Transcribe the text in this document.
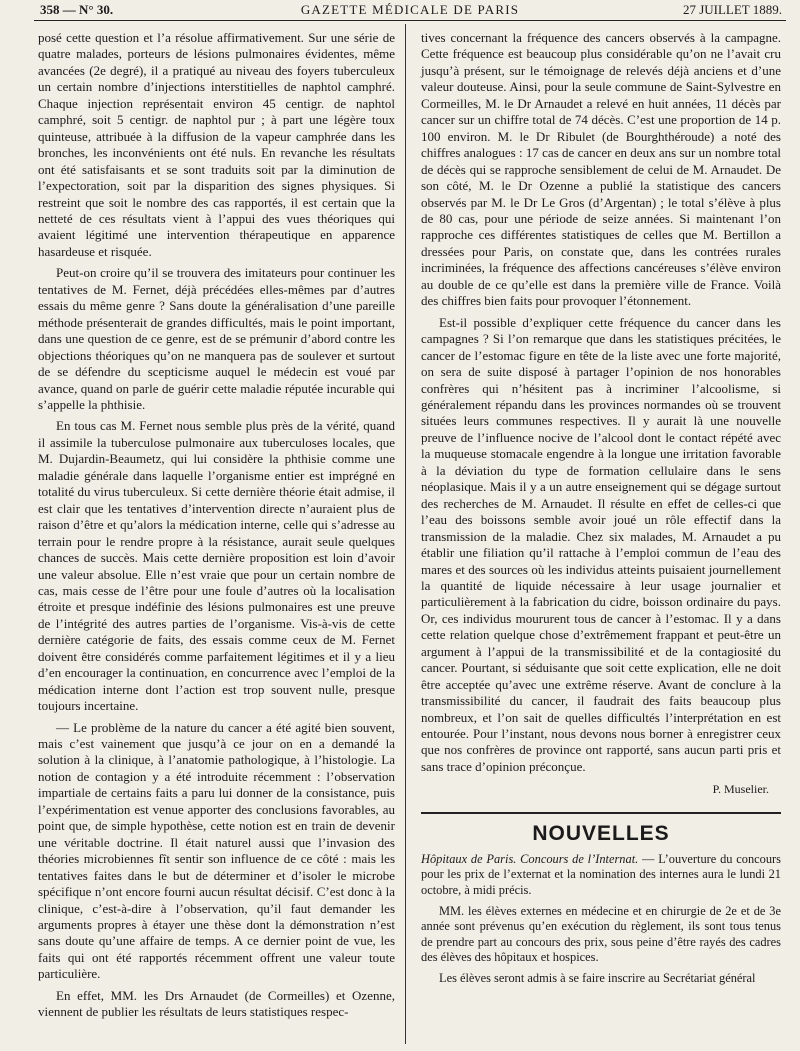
358 — N° 30.	GAZETTE MÉDICALE DE PARIS	27 JUILLET 1889.

posé cette question et l’a résolue affirmativement. Sur une série de quatre malades, porteurs de lésions pulmonaires évidentes, même avancées (2e degré), il a pratiqué au niveau des foyers tuberculeux un certain nombre d’injections interstitielles de naphtol camphré. Chaque injection représentait environ 45 centigr. de naphtol camphré, soit 5 centigr. de naphtol pur ; à part une légère toux quinteuse, attribuée à la diffusion de la vapeur camphrée dans les bronches, les inconvénients ont été nuls. En revanche les résultats ont été satisfaisants et se sont traduits soit par la diminution de l’expectoration, soit par la disparition des signes physiques. Si restreint que soit le nombre des cas rapportés, il est certain que la netteté de ces résultats vient à l’appui des vues théoriques qui avaient légitimé une intervention thérapeutique en apparence hasardeuse et risquée.

Peut-on croire qu’il se trouvera des imitateurs pour continuer les tentatives de M. Fernet, déjà précédées elles-mêmes par d’autres essais du même genre ? Sans doute la généralisation d’une pareille méthode présenterait de grandes difficultés, mais le point important, dans une question de ce genre, est de se prémunir d’abord contre les objections théoriques qu’on ne manquera pas de soulever et surtout de se défendre du scepticisme auquel le médecin est voué par avance, quand on parle de guérir cette maladie réputée incurable qui s’appelle la phthisie.

En tous cas M. Fernet nous semble plus près de la vérité, quand il assimile la tuberculose pulmonaire aux tuberculoses locales, que M. Dujardin-Beaumetz, qui lui considère la phthisie comme une maladie générale dans laquelle l’organisme entier est imprégné en totalité du virus tuberculeux. Si cette dernière théorie était admise, il est clair que les tentatives d’intervention directe n’auraient plus de raison d’être et qu’alors la médication interne, celle qui s’adresse au terrain pour le rendre propre à la résistance, aurait seule quelques chances de succès. Mais cette dernière proposition est loin d’avoir une valeur absolue. Elle n’est vraie que pour un certain nombre de cas, mais cesse de l’être pour une foule d’autres où la localisation étroite et presque indéfinie des lésions pulmonaires est une preuve de l’intégrité des autres parties de l’organisme. Vis-à-vis de cette dernière catégorie de faits, des essais comme ceux de M. Fernet doivent être considérés comme parfaitement légitimes et il y a lieu d’en encourager la continuation, en concurrence avec l’emploi de la médication interne dont l’action est trop souvent nulle, presque toujours incertaine.

— Le problème de la nature du cancer a été agité bien souvent, mais c’est vainement que jusqu’à ce jour on en a demandé la solution à la clinique, à l’anatomie pathologique, à l’histologie. La notion de contagion y a été introduite récemment : l’observation impartiale de certains faits a paru lui donner de la consistance, puis l’expérimentation est venue apporter des conclusions favorables, au point que, de simple hypothèse, cette notion est en train de devenir une véritable doctrine. Il était naturel aussi que l’invasion des théories microbiennes fît sentir son influence de ce côté : mais les tentatives faites dans le but de déterminer et d’isoler le microbe spécifique n’ont encore fourni aucun résultat décisif. C’est donc à la clinique, c’est-à-dire à l’observation, qu’il faut demander les arguments propres à étayer une thèse dont la démonstration n’est sans doute qu’une affaire de temps. A ce dernier point de vue, les faits qui ont été rapportés récemment offrent une valeur toute particulière.

En effet, MM. les Drs Arnaudet (de Cormeilles) et Ozenne, viennent de publier les résultats de leurs statistiques respec-

tives concernant la fréquence des cancers observés à la campagne. Cette fréquence est beaucoup plus considérable qu’on ne l’avait cru jusqu’à présent, sur le témoignage de relevés déjà anciens et d’une valeur douteuse. Ainsi, pour la seule commune de Saint-Sylvestre en Cormeilles, M. le Dr Arnaudet a relevé en huit années, 11 décès par cancer sur un chiffre total de 74 décès. C’est une proportion de 14 p. 100 environ. M. le Dr Ribulet (de Bourghthéroude) a noté des chiffres analogues : 17 cas de cancer en deux ans sur un nombre total de décès qui se rapproche sensiblement de celui de M. Arnaudet. De son côté, M. le Dr Ozenne a publié la statistique des cancers observés par M. le Dr Le Gros (d’Argentan) ; le total s’élève à plus de 80 cas, pour une période de seize années. Si maintenant l’on rapproche ces différentes statistiques de celles que M. Bertillon a dressées pour Paris, on constate que, dans les contrées rurales incriminées, la fréquence des affections cancéreuses s’élève environ au double de ce qu’elle est dans la première ville de France. Voilà des chiffres bien faits pour provoquer l’étonnement.

Est-il possible d’expliquer cette fréquence du cancer dans les campagnes ? Si l’on remarque que dans les statistiques précitées, le cancer de l’estomac figure en tête de la liste avec une forte majorité, on sera de suite disposé à partager l’opinion de nos honorables confrères qui n’hésitent pas à incriminer l’alcoolisme, si généralement répandu dans les provinces normandes où se trouvent situées leurs communes respectives. Il y aurait là une nouvelle preuve de l’influence nocive de l’alcool dont le contact répété avec la muqueuse stomacale engendre à la longue une irritation favorable à la déviation du type de formation cellulaire dans le sens néoplasique. Mais il y a un autre enseignement qui se dégage surtout des recherches de M. Arnaudet. Il résulte en effet de celles-ci que l’eau des boissons semble avoir joué un rôle effectif dans la transmission de la maladie. Chez six malades, M. Arnaudet a pu établir une filiation qu’il rattache à l’emploi commun de l’eau des mares et des sources où les individus atteints puisaient journellement la quantité de liquide nécessaire à leur usage journalier et particulièrement à la fabrication du cidre, boisson ordinaire du pays. Or, ces individus moururent tous de cancer à l’estomac. Il y a dans cette relation quelque chose d’extrêmement frappant et peut-être un argument à l’appui de la transmissibilité et de la contagiosité du cancer. Pourtant, si séduisante que soit cette explication, elle ne doit être acceptée qu’avec une extrême réserve. Avant de conclure à la transmissibilité du cancer, il faudrait des faits beaucoup plus nombreux, et l’on sait de quelles difficultés l’interprétation en est entourée. Pour l’instant, nous devons nous borner à enregistrer ceux que nos confrères de province ont rapporté, sans aucun parti pris et sans trace d’opinion préconçue.

P. Muselier.
NOUVELLES

Hôpitaux de Paris. Concours de l’Internat. — L’ouverture du concours pour les prix de l’externat et la nomination des internes aura le lundi 21 octobre, à midi précis.

MM. les élèves externes en médecine et en chirurgie de 2e et de 3e année sont prévenus qu’en exécution du règlement, ils sont tous tenus de prendre part au concours des prix, sous peine d’être rayés des cadres des élèves des hôpitaux et hospices.

Les élèves seront admis à se faire inscrire au Secrétariat général
